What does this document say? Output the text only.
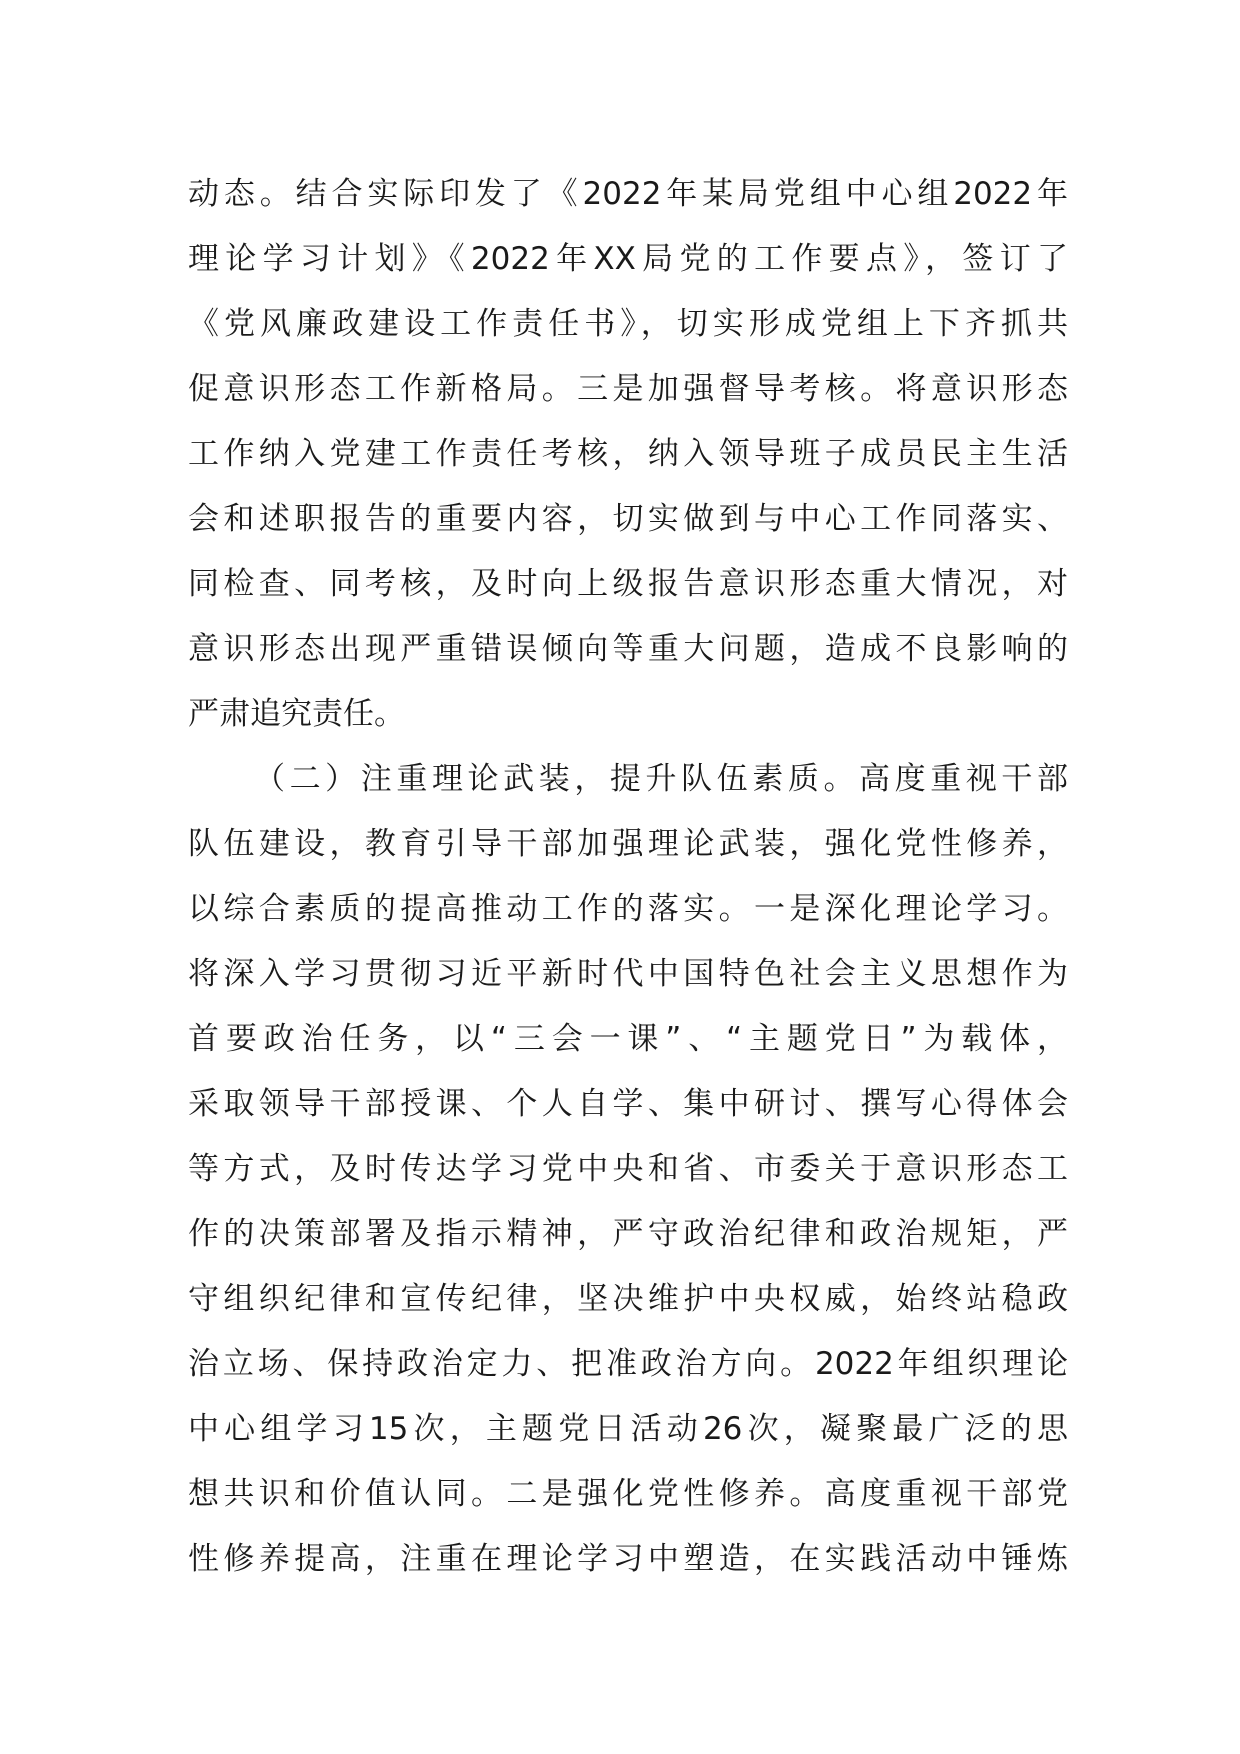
动态。结合实际印发了《2022年某局党组中心组2022年
理论学习计划》《2022年XX局党的工作要点》，签订了
《党风廉政建设工作责任书》，切实形成党组上下齐抓共
促意识形态工作新格局。三是加强督导考核。将意识形态
工作纳入党建工作责任考核，纳入领导班子成员民主生活
会和述职报告的重要内容，切实做到与中心工作同落实、
同检查、同考核，及时向上级报告意识形态重大情况，对
意识形态出现严重错误倾向等重大问题，造成不良影响的
严肃追究责任。
（二）注重理论武装，提升队伍素质。高度重视干部
队伍建设，教育引导干部加强理论武装，强化党性修养，
以综合素质的提高推动工作的落实。一是深化理论学习。
将深入学习贯彻习近平新时代中国特色社会主义思想作为
首要政治任务，以“三会一课”、“主题党日”为载体，
采取领导干部授课、个人自学、集中研讨、撰写心得体会
等方式，及时传达学习党中央和省、市委关于意识形态工
作的决策部署及指示精神，严守政治纪律和政治规矩，严
守组织纪律和宣传纪律，坚决维护中央权威，始终站稳政
治立场、保持政治定力、把准政治方向。2022年组织理论
中心组学习15次，主题党日活动26次，凝聚最广泛的思
想共识和价值认同。二是强化党性修养。高度重视干部党
性修养提高，注重在理论学习中塑造，在实践活动中锤炼
